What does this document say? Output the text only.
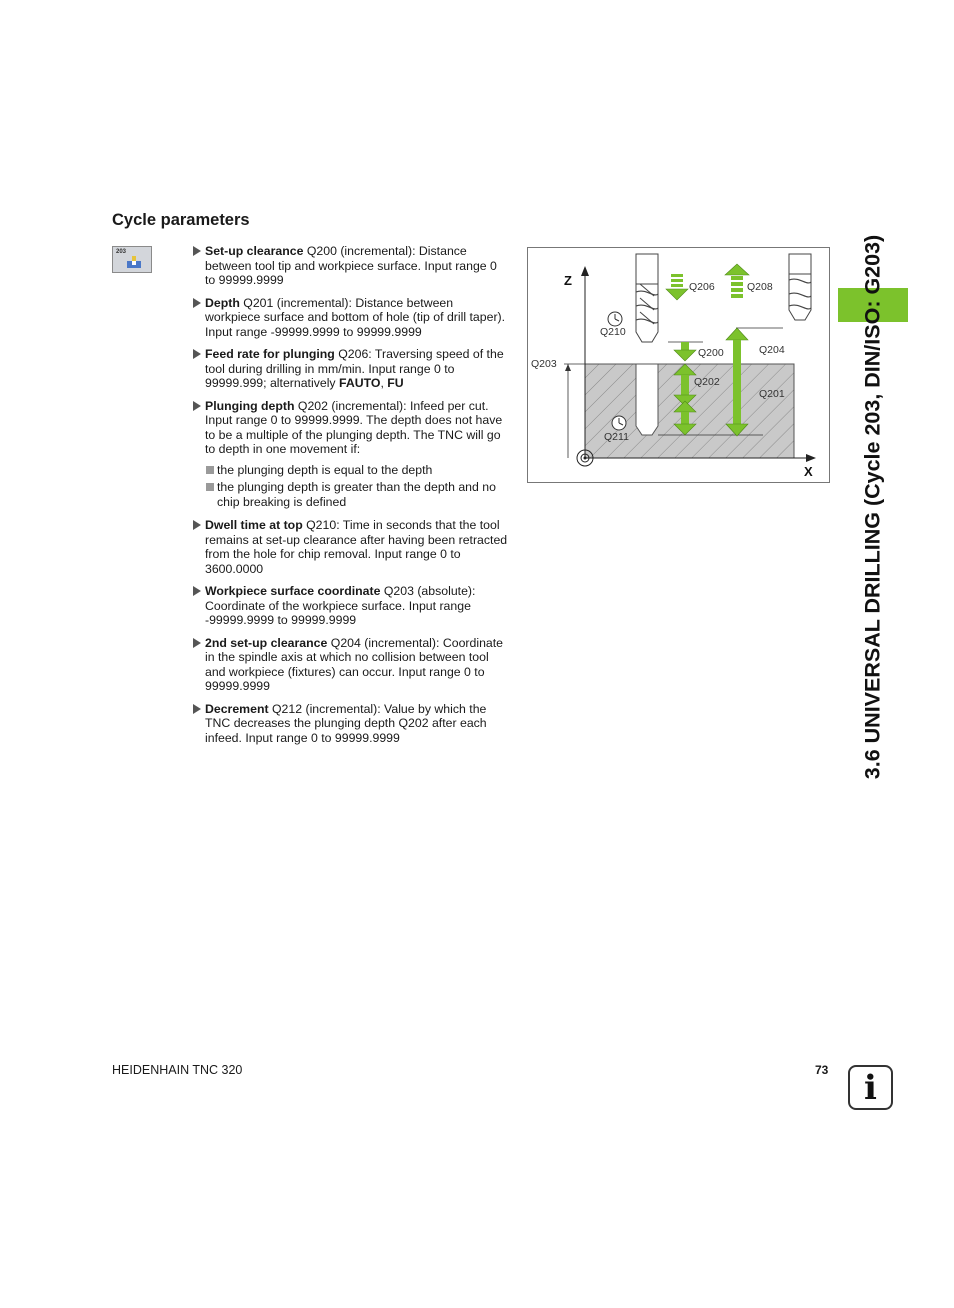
Cycle parameters
203	Set-up clearance Q200 (incremental): Distance between tool tip and workpiece surface. Input range 0 to 99999.9999
Depth Q201 (incremental): Distance between workpiece surface and bottom of hole (tip of drill taper). Input range -99999.9999 to 99999.9999
Feed rate for plunging Q206: Traversing speed of the tool during drilling in mm/min. Input range 0 to 99999.999; alternatively FAUTO, FU
Plunging depth Q202 (incremental): Infeed per cut. Input range 0 to 99999.9999. The depth does not have to be a multiple of the plunging depth. The TNC will go to depth in one movement if:
the plunging depth is equal to the depth
the plunging depth is greater than the depth and no chip breaking is defined
Dwell time at top Q210: Time in seconds that the tool remains at set-up clearance after having been retracted from the hole for chip removal. Input range 0 to 3600.0000
Workpiece surface coordinate Q203 (absolute): Coordinate of the workpiece surface. Input range -99999.9999 to 99999.9999
2nd set-up clearance Q204 (incremental): Coordinate in the spindle axis at which no collision between tool and workpiece (fixtures) can occur. Input range 0 to 99999.9999
Decrement Q212 (incremental): Value by which the TNC decreases the plunging depth Q202 after each infeed. Input range 0 to 99999.9999
Q206	Q208
Q210
Q200	Q204
Q203
Q202
Q201
Q211
Z
X 3.6 UNIVERSAL DRILLING (Cycle 203, DIN/ISO: G203)
HEIDENHAIN TNC 320	73	i
